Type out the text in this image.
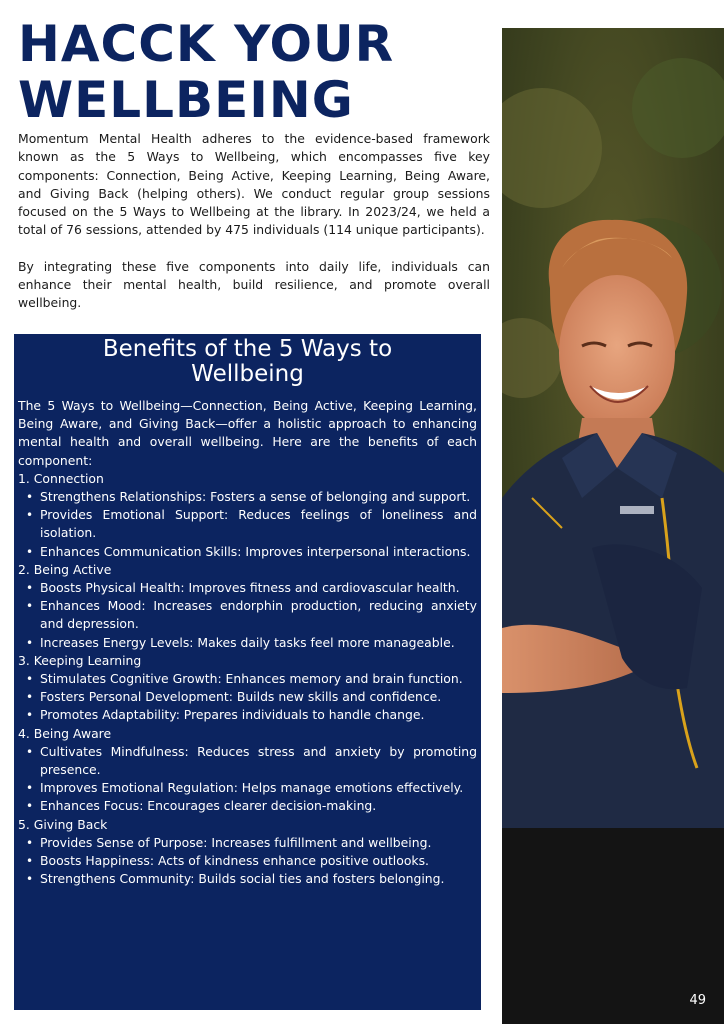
HACCK YOUR WELLBEING

Momentum Mental Health adheres to the evidence-based framework known as the 5 Ways to Wellbeing, which encompasses five key components: Connection, Being Active, Keeping Learning, Being Aware, and Giving Back (helping others). We conduct regular group sessions focused on the 5 Ways to Wellbeing at the library. In 2023/24, we held a total of 76 sessions, attended by 475 individuals (114 unique participants).

By integrating these five components into daily life, individuals can enhance their mental health, build resilience, and promote overall wellbeing.

Benefits of the 5 Ways to Wellbeing

The 5 Ways to Wellbeing—Connection, Being Active, Keeping Learning, Being Aware, and Giving Back—offer a holistic approach to enhancing mental health and overall wellbeing. Here are the benefits of each component:

1. Connection
• Strengthens Relationships: Fosters a sense of belonging and support.
• Provides Emotional Support: Reduces feelings of loneliness and isolation.
• Enhances Communication Skills: Improves interpersonal interactions.
2. Being Active
• Boosts Physical Health: Improves fitness and cardiovascular health.
• Enhances Mood: Increases endorphin production, reducing anxiety and depression.
• Increases Energy Levels: Makes daily tasks feel more manageable.
3. Keeping Learning
• Stimulates Cognitive Growth: Enhances memory and brain function.
• Fosters Personal Development: Builds new skills and confidence.
• Promotes Adaptability: Prepares individuals to handle change.
4. Being Aware
• Cultivates Mindfulness: Reduces stress and anxiety by promoting presence.
• Improves Emotional Regulation: Helps manage emotions effectively.
• Enhances Focus: Encourages clearer decision-making.
5. Giving Back
• Provides Sense of Purpose: Increases fulfillment and wellbeing.
• Boosts Happiness: Acts of kindness enhance positive outlooks.
• Strengthens Community: Builds social ties and fosters belonging.
49
